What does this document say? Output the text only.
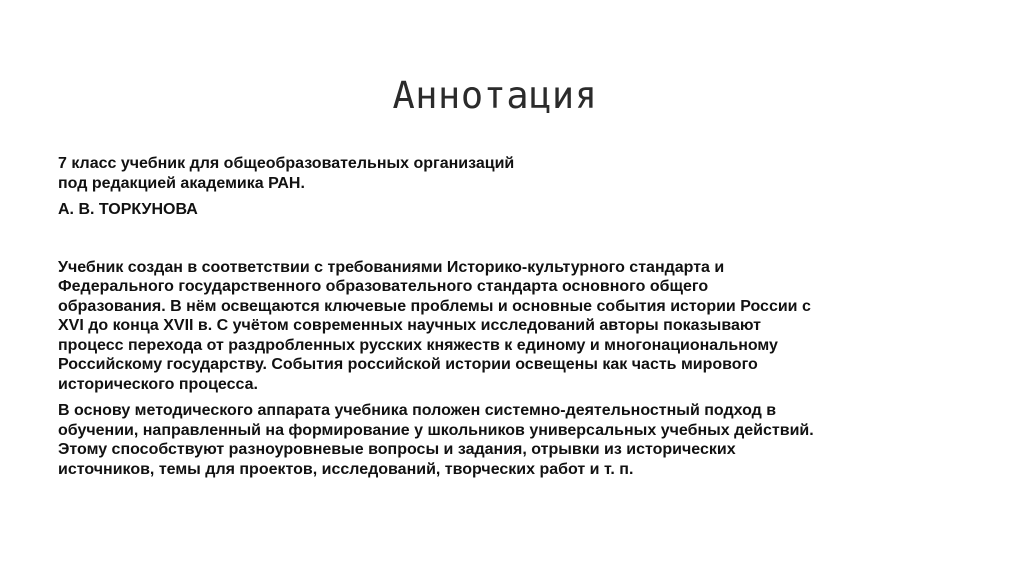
Аннотация
7 класс учебник для общеобразовательных организаций
под редакцией академика РАН.
А. В. ТОРКУНОВА
Учебник создан в соответствии с требованиями Историко-культурного стандарта и
Федерального государственного образовательного стандарта основного общего
образования. В нём освещаются ключевые проблемы и основные события истории России с
XVI до конца XVII в. С учётом современных научных исследований авторы показывают
процесс перехода от раздробленных русских княжеств к единому и многонациональному
Российскому государству. События российской истории освещены как часть мирового
исторического процесса.
В основу методического аппарата учебника положен системно-деятельностный подход в
обучении, направленный на формирование у школьников универсальных учебных действий.
Этому способствуют разноуровневые вопросы и задания, отрывки из исторических
источников, темы для проектов, исследований, творческих работ и т. п.
